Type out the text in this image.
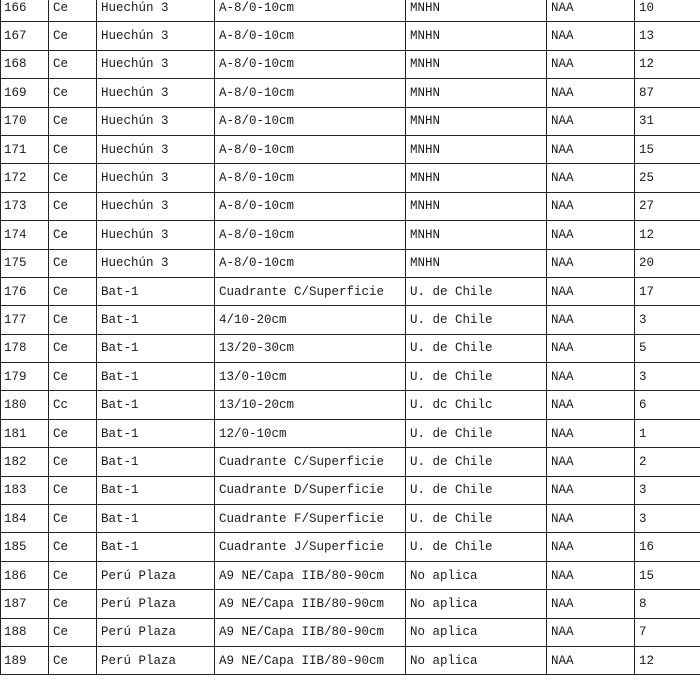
166	Ce	Huechún 3	A-8/0-10cm	MNHN	NAA	10
167	Ce	Huechún 3	A-8/0-10cm	MNHN	NAA	13
168	Ce	Huechún 3	A-8/0-10cm	MNHN	NAA	12
169	Ce	Huechún 3	A-8/0-10cm	MNHN	NAA	87
170	Ce	Huechún 3	A-8/0-10cm	MNHN	NAA	31
171	Ce	Huechún 3	A-8/0-10cm	MNHN	NAA	15
172	Ce	Huechún 3	A-8/0-10cm	MNHN	NAA	25
173	Ce	Huechún 3	A-8/0-10cm	MNHN	NAA	27
174	Ce	Huechún 3	A-8/0-10cm	MNHN	NAA	12
175	Ce	Huechún 3	A-8/0-10cm	MNHN	NAA	20
176	Ce	Bat-1	Cuadrante C/Superficie	U. de Chile	NAA	17
177	Ce	Bat-1	4/10-20cm	U. de Chile	NAA	3
178	Ce	Bat-1	13/20-30cm	U. de Chile	NAA	5
179	Ce	Bat-1	13/0-10cm	U. de Chile	NAA	3
180	Cc	Bat-1	13/10-20cm	U. dc Chilc	NAA	6
181	Ce	Bat-1	12/0-10cm	U. de Chile	NAA	1
182	Ce	Bat-1	Cuadrante C/Superficie	U. de Chile	NAA	2
183	Ce	Bat-1	Cuadrante D/Superficie	U. de Chile	NAA	3
184	Ce	Bat-1	Cuadrante F/Superficie	U. de Chile	NAA	3
185	Ce	Bat-1	Cuadrante J/Superficie	U. de Chile	NAA	16
186	Ce	Perú Plaza	A9 NE/Capa IIB/80-90cm	No aplica	NAA	15
187	Ce	Perú Plaza	A9 NE/Capa IIB/80-90cm	No aplica	NAA	8
188	Ce	Perú Plaza	A9 NE/Capa IIB/80-90cm	No aplica	NAA	7
189	Ce	Perú Plaza	A9 NE/Capa IIB/80-90cm	No aplica	NAA	12
